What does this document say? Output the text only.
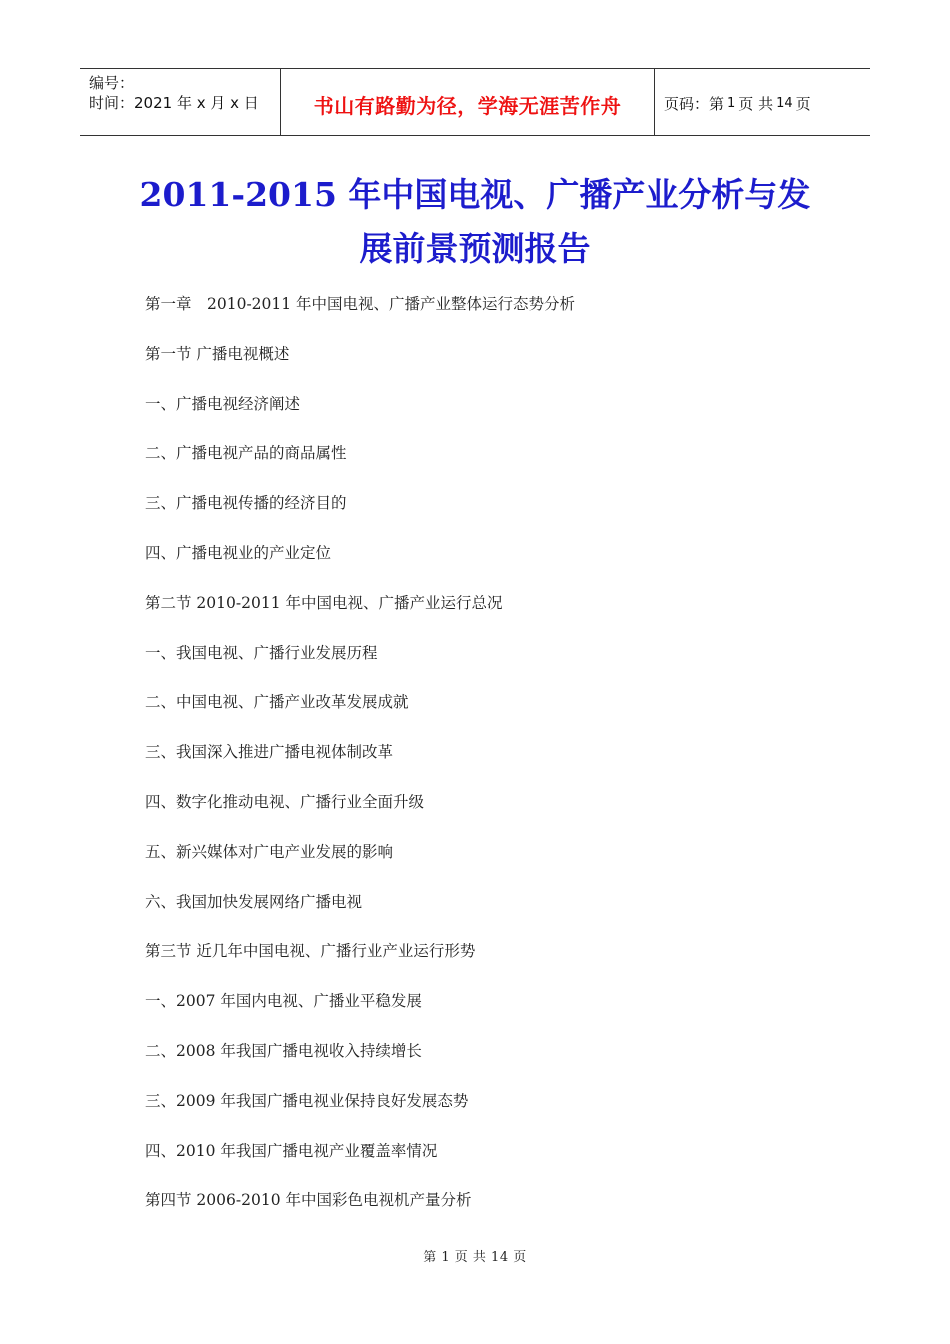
编号：
时间：2021 年 x 月 x 日	书山有路勤为径，学海无涯苦作舟	页码：第 1 页 共 14 页
2011-2015 年中国电视、广播产业分析与发
展前景预测报告
第一章　2010-2011 年中国电视、广播产业整体运行态势分析
第一节 广播电视概述
一、广播电视经济阐述
二、广播电视产品的商品属性
三、广播电视传播的经济目的
四、广播电视业的产业定位
第二节 2010-2011 年中国电视、广播产业运行总况
一、我国电视、广播行业发展历程
二、中国电视、广播产业改革发展成就
三、我国深入推进广播电视体制改革
四、数字化推动电视、广播行业全面升级
五、新兴媒体对广电产业发展的影响
六、我国加快发展网络广播电视
第三节 近几年中国电视、广播行业产业运行形势
一、2007 年国内电视、广播业平稳发展
二、2008 年我国广播电视收入持续增长
三、2009 年我国广播电视业保持良好发展态势
四、2010 年我国广播电视产业覆盖率情况
第四节 2006-2010 年中国彩色电视机产量分析
第 1 页 共 14 页
